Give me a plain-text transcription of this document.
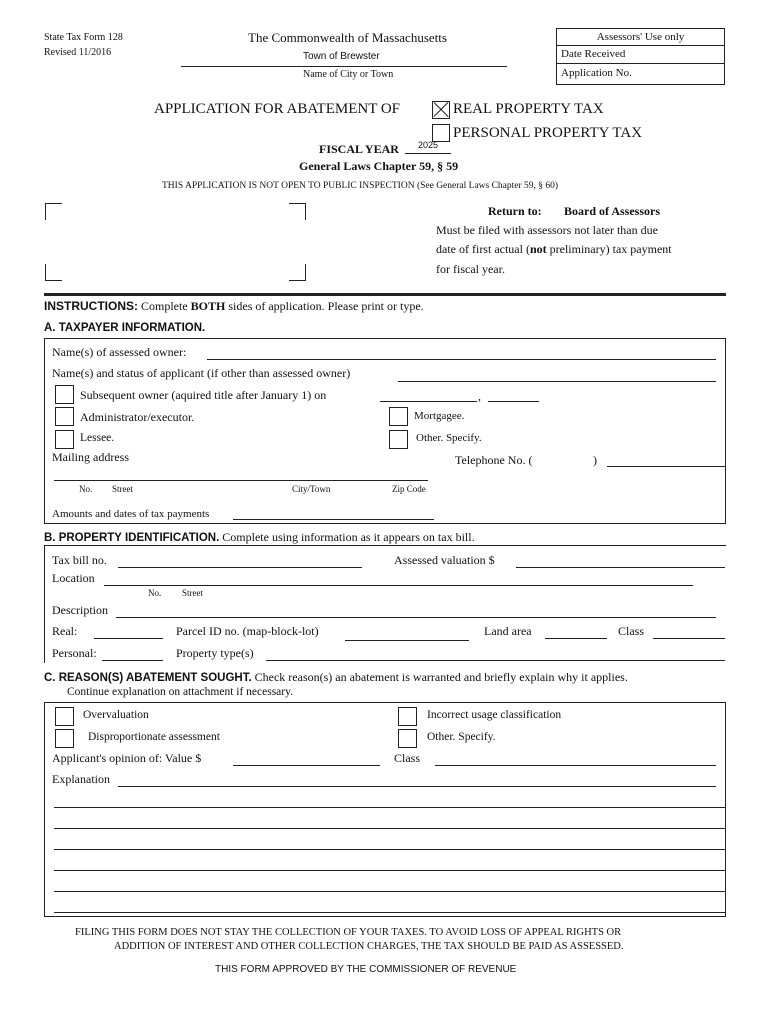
State Tax Form 128
Revised 11/2016
The Commonwealth of Massachusetts
Town of Brewster
Name of City or Town
Assessors' Use only
Date Received
Application No.
APPLICATION FOR ABATEMENT OF	REAL PROPERTY TAX
PERSONAL PROPERTY TAX
FISCAL YEAR 2025
General Laws Chapter 59, § 59
THIS APPLICATION IS NOT OPEN TO PUBLIC INSPECTION (See General Laws Chapter 59, § 60)
Return to: Board of Assessors
Must be filed with assessors not later than due
date of first actual (not preliminary) tax payment
for fiscal year.
INSTRUCTIONS: Complete BOTH sides of application. Please print or type.
A. TAXPAYER INFORMATION.
Name(s) of assessed owner:
Name(s) and status of applicant (if other than assessed owner)
Subsequent owner (aquired title after January 1) on	,
Administrator/executor.	Mortgagee.
Lessee.	Other. Specify.
Mailing address	Telephone No. (	)
No. Street	City/Town	Zip Code
Amounts and dates of tax payments
B. PROPERTY IDENTIFICATION. Complete using information as it appears on tax bill.
Tax bill no.	Assessed valuation $
Location
No. Street
Description
Real:	Parcel ID no. (map-block-lot)	Land area	Class
Personal:	Property type(s)
C. REASON(S) ABATEMENT SOUGHT. Check reason(s) an abatement is warranted and briefly explain why it applies.
Continue explanation on attachment if necessary.
Overvaluation	Incorrect usage classification
Disproportionate assessment	Other. Specify.
Applicant's opinion of: Value $	Class
Explanation
FILING THIS FORM DOES NOT STAY THE COLLECTION OF YOUR TAXES. TO AVOID LOSS OF APPEAL RIGHTS OR
ADDITION OF INTEREST AND OTHER COLLECTION CHARGES, THE TAX SHOULD BE PAID AS ASSESSED.
THIS FORM APPROVED BY THE COMMISSIONER OF REVENUE
